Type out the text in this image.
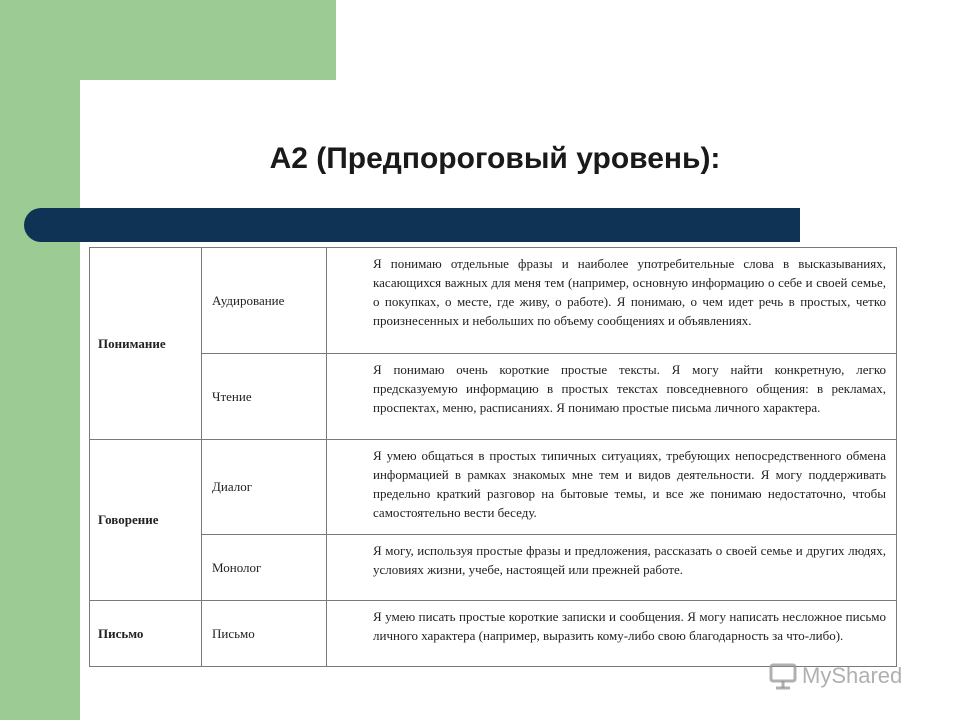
А2 (Предпороговый уровень):
Понимание	Аудирование	Я понимаю отдельные фразы и наиболее употребительные слова в высказываниях, касающихся важных для меня тем (например, основную информацию о себе и своей семье, о покупках, о месте, где живу, о работе). Я понимаю, о чем идет речь в простых, четко произнесенных и небольших по объему сообщениях и объявлениях.
	Чтение	Я понимаю очень короткие простые тексты. Я могу найти конкретную, легко предсказуемую информацию в простых текстах повседневного общения: в рекламах, проспектах, меню, расписаниях. Я понимаю простые письма личного характера.
Говорение	Диалог	Я умею общаться в простых типичных ситуациях, требующих непосредственного обмена информацией в рамках знакомых мне тем и видов деятельности. Я могу поддерживать предельно краткий разговор на бытовые темы, и все же понимаю недостаточно, чтобы самостоятельно вести беседу.
	Монолог	Я могу, используя простые фразы и предложения, рассказать о своей семье и других людях, условиях жизни, учебе, настоящей или прежней работе.
Письмо	Письмо	Я умею писать простые короткие записки и сообщения. Я могу написать несложное письмо личного характера (например, выразить кому-либо свою благодарность за что-либо).
MyShared
